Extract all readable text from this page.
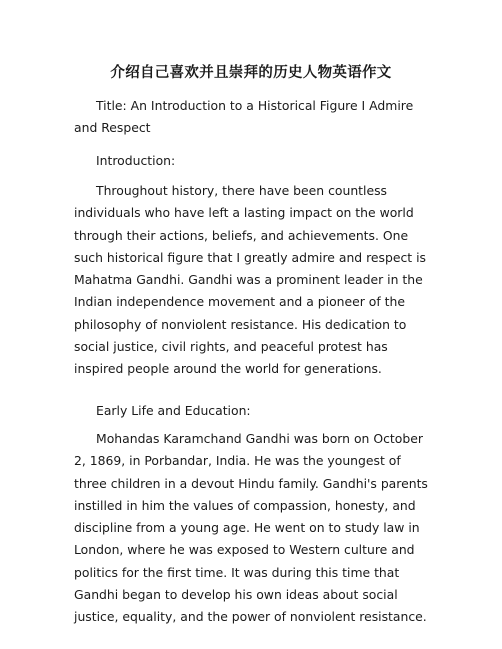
介绍自己喜欢并且崇拜的历史人物英语作文

Title: An Introduction to a Historical Figure I Admire and Respect

Introduction:

Throughout history, there have been countless individuals who have left a lasting impact on the world through their actions, beliefs, and achievements. One such historical figure that I greatly admire and respect is Mahatma Gandhi. Gandhi was a prominent leader in the Indian independence movement and a pioneer of the philosophy of nonviolent resistance. His dedication to social justice, civil rights, and peaceful protest has inspired people around the world for generations.

Early Life and Education:

Mohandas Karamchand Gandhi was born on October 2, 1869, in Porbandar, India. He was the youngest of three children in a devout Hindu family. Gandhi's parents instilled in him the values of compassion, honesty, and discipline from a young age. He went on to study law in London, where he was exposed to Western culture and politics for the first time. It was during this time that Gandhi began to develop his own ideas about social justice, equality, and the power of nonviolent resistance.
